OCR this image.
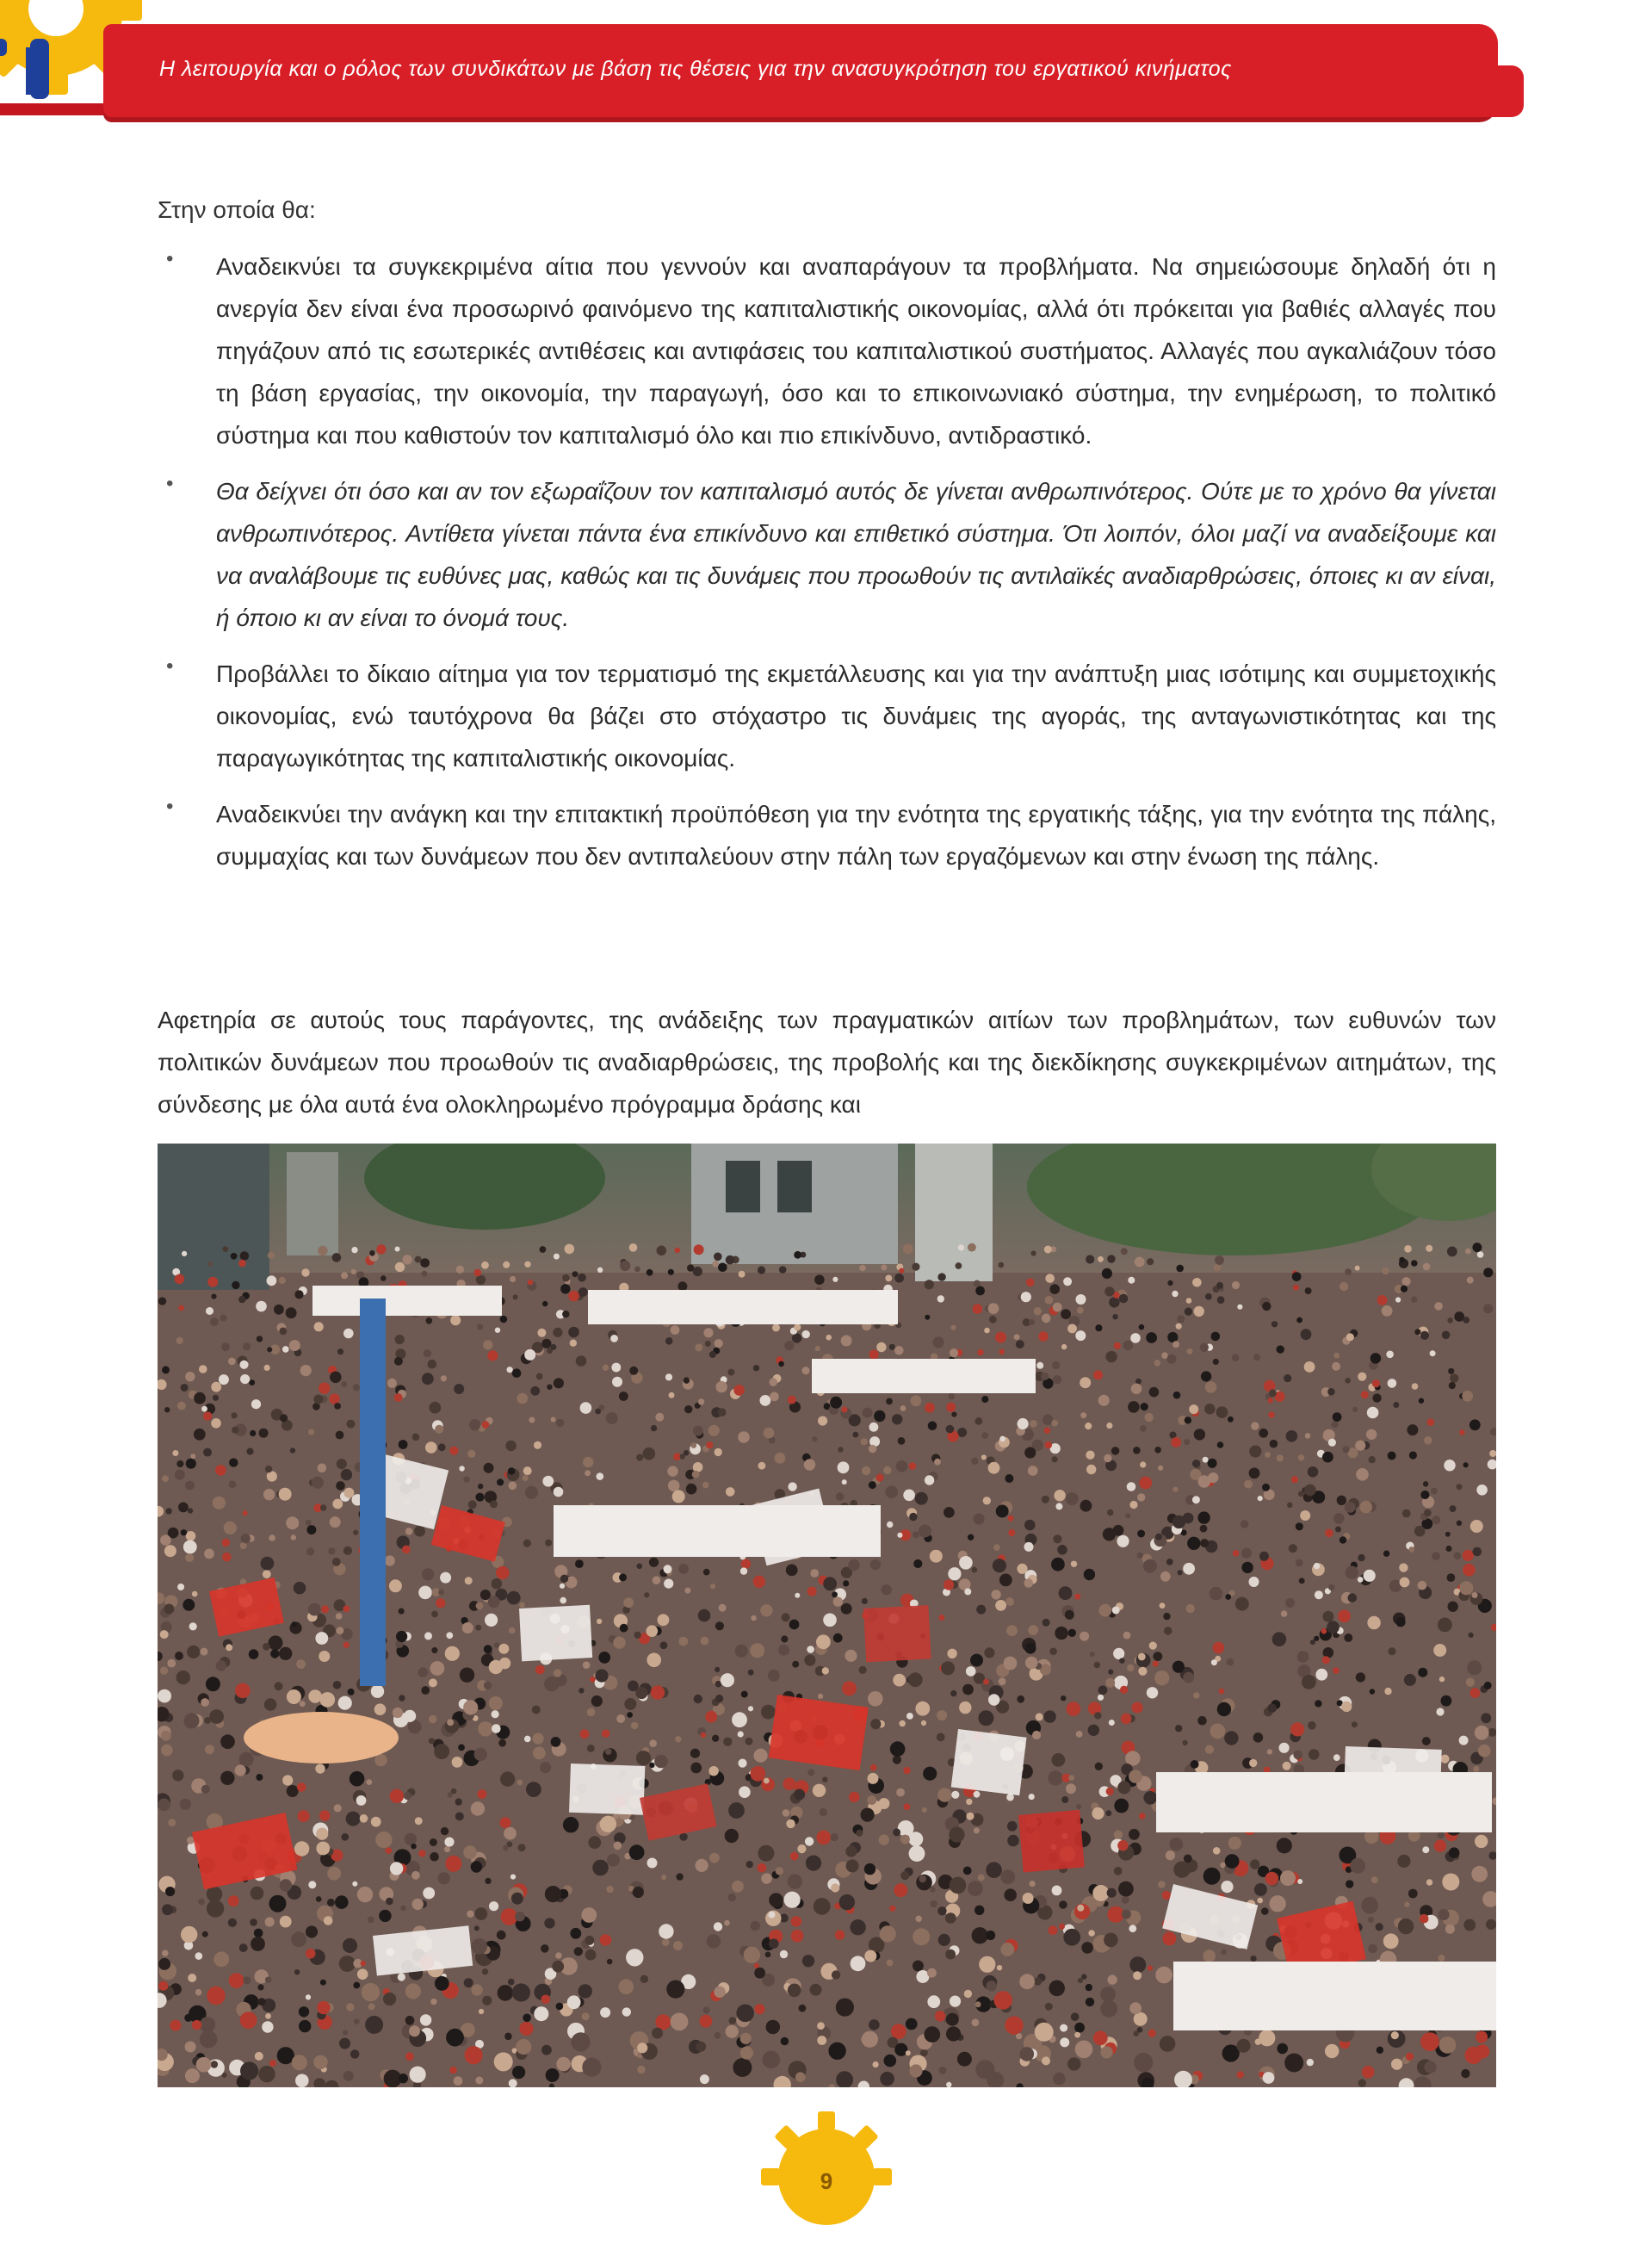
Η λειτουργία και ο ρόλος των συνδικάτων με βάση τις θέσεις για την ανασυγκρότηση του εργατικού κινήματος
Στην οποία θα:
• Αναδεικνύει τα συγκεκριμένα αίτια που γεννούν και αναπαράγουν τα προβλήματα. Να σημειώσουμε δηλαδή ότι η ανεργία δεν είναι ένα προσωρινό φαινόμενο της καπιταλιστικής οικονομίας, αλλά ότι πρόκειται για βαθιές αλλαγές που πηγάζουν από τις εσωτερικές αντιθέσεις και αντιφάσεις του καπιταλιστικού συστήματος. Αλλαγές που αγκαλιάζουν τόσο τη βάση εργασίας, την οικονομία, την παραγωγή, όσο και το επικοινωνιακό σύστημα, την ενημέρωση, το πολιτικό σύστημα και που καθιστούν τον καπιταλισμό όλο και πιο επικίνδυνο, αντιδραστικό.
• Θα δείχνει ότι όσο και αν τον εξωραΐζουν τον καπιταλισμό αυτός δε γίνεται ανθρωπινότερος. Ούτε με το χρόνο θα γίνεται ανθρωπινότερος. Αντίθετα γίνεται πάντα ένα επικίνδυνο και επιθετικό σύστημα. Ότι λοιπόν, όλοι μαζί να αναδείξουμε και να αναλάβουμε τις ευθύνες μας, καθώς και τις δυνάμεις που προωθούν τις αντιλαϊκές αναδιαρθρώσεις, όποιες κι αν είναι, ή όποιο κι αν είναι το όνομά τους.
• Προβάλλει το δίκαιο αίτημα για τον τερματισμό της εκμετάλλευσης και για την ανάπτυξη μιας ισότιμης και συμμετοχικής οικονομίας, ενώ ταυτόχρονα θα βάζει στο στόχαστρο τις δυνάμεις της αγοράς, της ανταγωνιστικότητας και της παραγωγικότητας της καπιταλιστικής οικονομίας.
• Αναδεικνύει την ανάγκη και την επιτακτική προϋπόθεση για την ενότητα της εργατικής τάξης, για την ενότητα της πάλης, συμμαχίας και των δυνάμεων που δεν αντιπαλεύουν στην πάλη των εργαζόμενων και στην ένωση της πάλης.
Αφετηρία σε αυτούς τους παράγοντες, της ανάδειξης των πραγματικών αιτίων των προβλημάτων, των ευθυνών των πολιτικών δυνάμεων που προωθούν τις αναδιαρθρώσεις, της προβολής και της διεκδίκησης συγκεκριμένων αιτημάτων, της σύνδεσης με όλα αυτά ένα ολοκληρωμένο πρόγραμμα δράσης και
9
